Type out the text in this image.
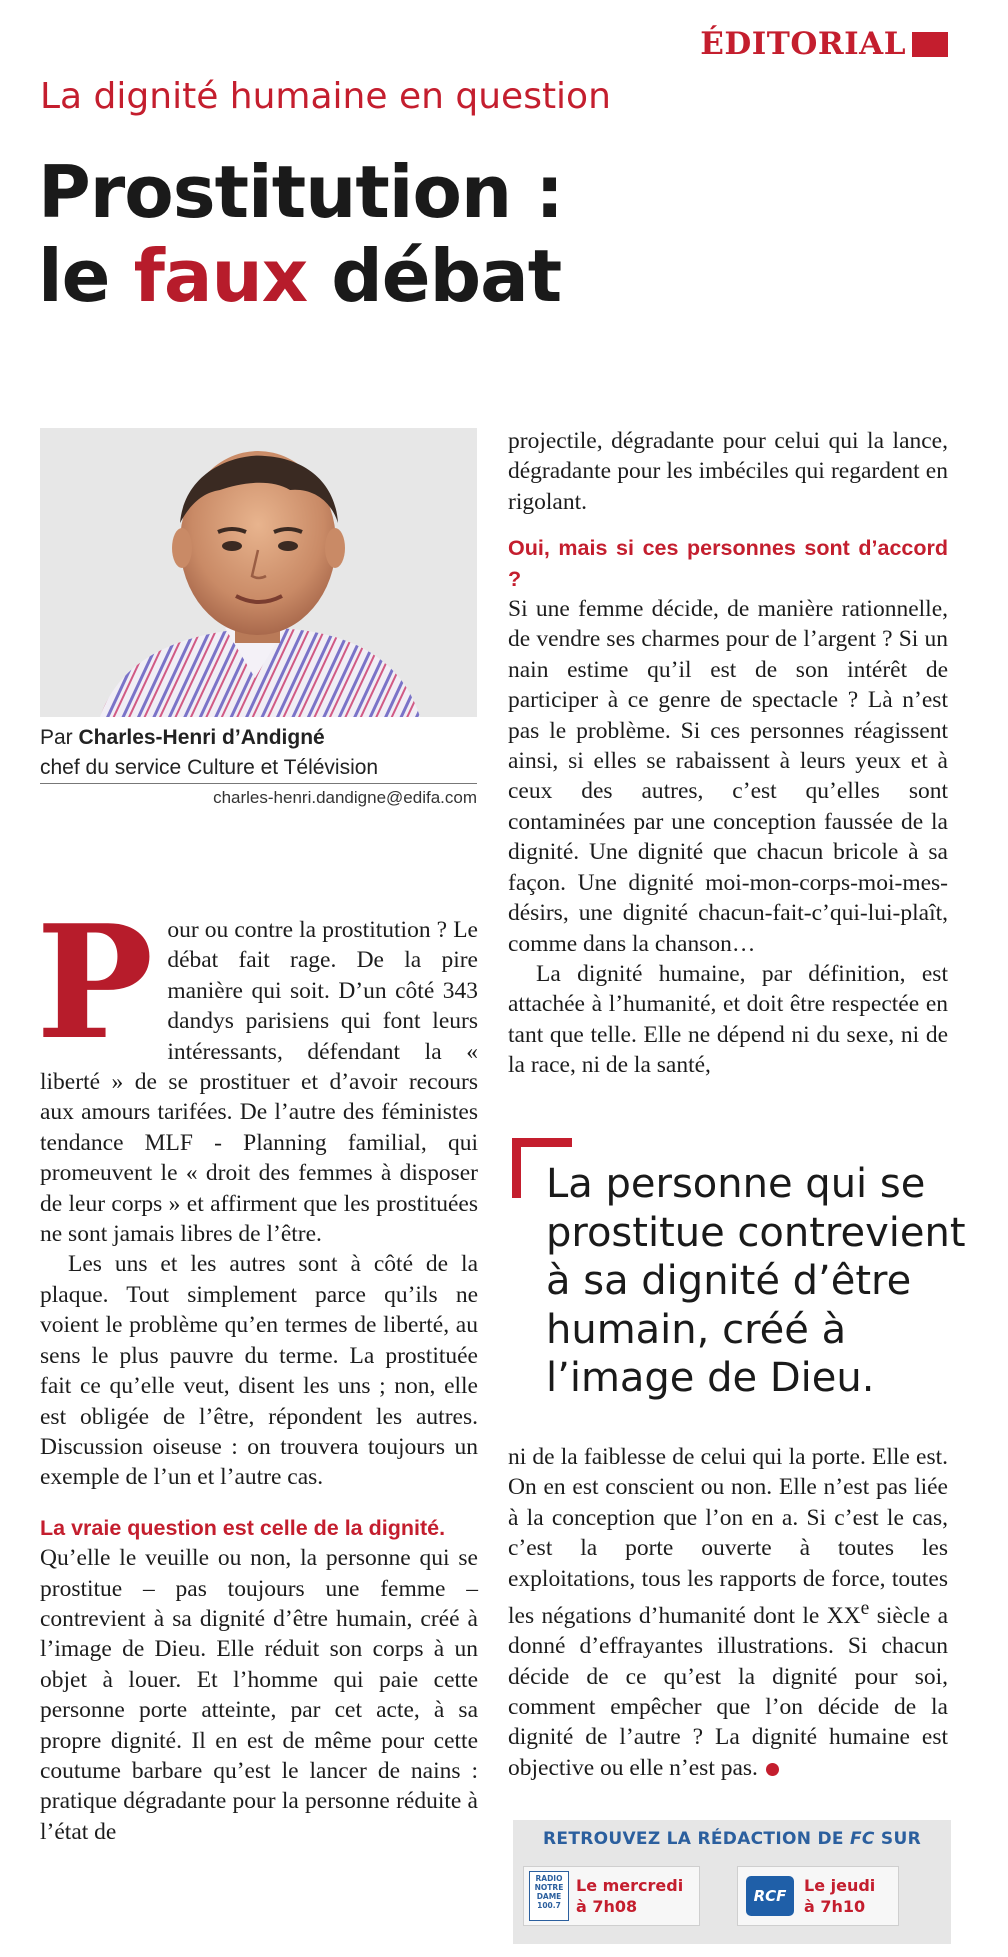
ÉDITORIAL
La dignité humaine en question
Prostitution :
le faux débat
Par Charles-Henri d’Andigné
chef du service Culture et Télévision
charles-henri.dandigne@edifa.com

Pour ou contre la prostitution ? Le débat fait rage. De la pire manière qui soit. D’un côté 343 dandys parisiens qui font leurs intéressants, défendant la « liberté » de se prostituer et d’avoir recours aux amours tarifées. De l’autre des féministes tendance MLF - Planning familial, qui promeuvent le « droit des femmes à disposer de leur corps » et affirment que les prostituées ne sont jamais libres de l’être.

Les uns et les autres sont à côté de la plaque. Tout simplement parce qu’ils ne voient le problème qu’en termes de liberté, au sens le plus pauvre du terme. La prostituée fait ce qu’elle veut, disent les uns ; non, elle est obligée de l’être, répondent les autres. Discussion oiseuse : on trouvera toujours un exemple de l’un et l’autre cas.

La vraie question est celle de la dignité.

Qu’elle le veuille ou non, la personne qui se prostitue – pas toujours une femme – contrevient à sa dignité d’être humain, créé à l’image de Dieu. Elle réduit son corps à un objet à louer. Et l’homme qui paie cette personne porte atteinte, par cet acte, à sa propre dignité. Il en est de même pour cette coutume barbare qu’est le lancer de nains : pratique dégradante pour la personne réduite à l’état de

projectile, dégradante pour celui qui la lance, dégradante pour les imbéciles qui regardent en rigolant.

Oui, mais si ces personnes sont d’accord ?

Si une femme décide, de manière rationnelle, de vendre ses charmes pour de l’argent ? Si un nain estime qu’il est de son intérêt de participer à ce genre de spectacle ? Là n’est pas le problème. Si ces personnes réagissent ainsi, si elles se rabaissent à leurs yeux et à ceux des autres, c’est qu’elles sont contaminées par une conception faussée de la dignité. Une dignité que chacun bricole à sa façon. Une dignité moi-mon-corps-moi-mes-désirs, une dignité chacun-fait-c’qui-lui-plaît, comme dans la chanson…

La dignité humaine, par définition, est attachée à l’humanité, et doit être respectée en tant que telle. Elle ne dépend ni du sexe, ni de la race, ni de la santé,

La personne qui se prostitue contrevient à sa dignité d’être humain, créé à l’image de Dieu.

ni de la faiblesse de celui qui la porte. Elle est. On en est conscient ou non. Elle n’est pas liée à la conception que l’on en a. Si c’est le cas, c’est la porte ouverte à toutes les exploitations, tous les rapports de force, toutes les négations d’humanité dont le XXe siècle a donné d’effrayantes illustrations. Si chacun décide de ce qu’est la dignité pour soi, comment empêcher que l’on décide de la dignité de l’autre ? La dignité humaine est objective ou elle n’est pas.

RETROUVEZ LA RÉDACTION DE FC SUR
RADIO
NOTRE
DAME
100.7
Le mercredi
à 7h08
RCF
Le jeudi
à 7h10
